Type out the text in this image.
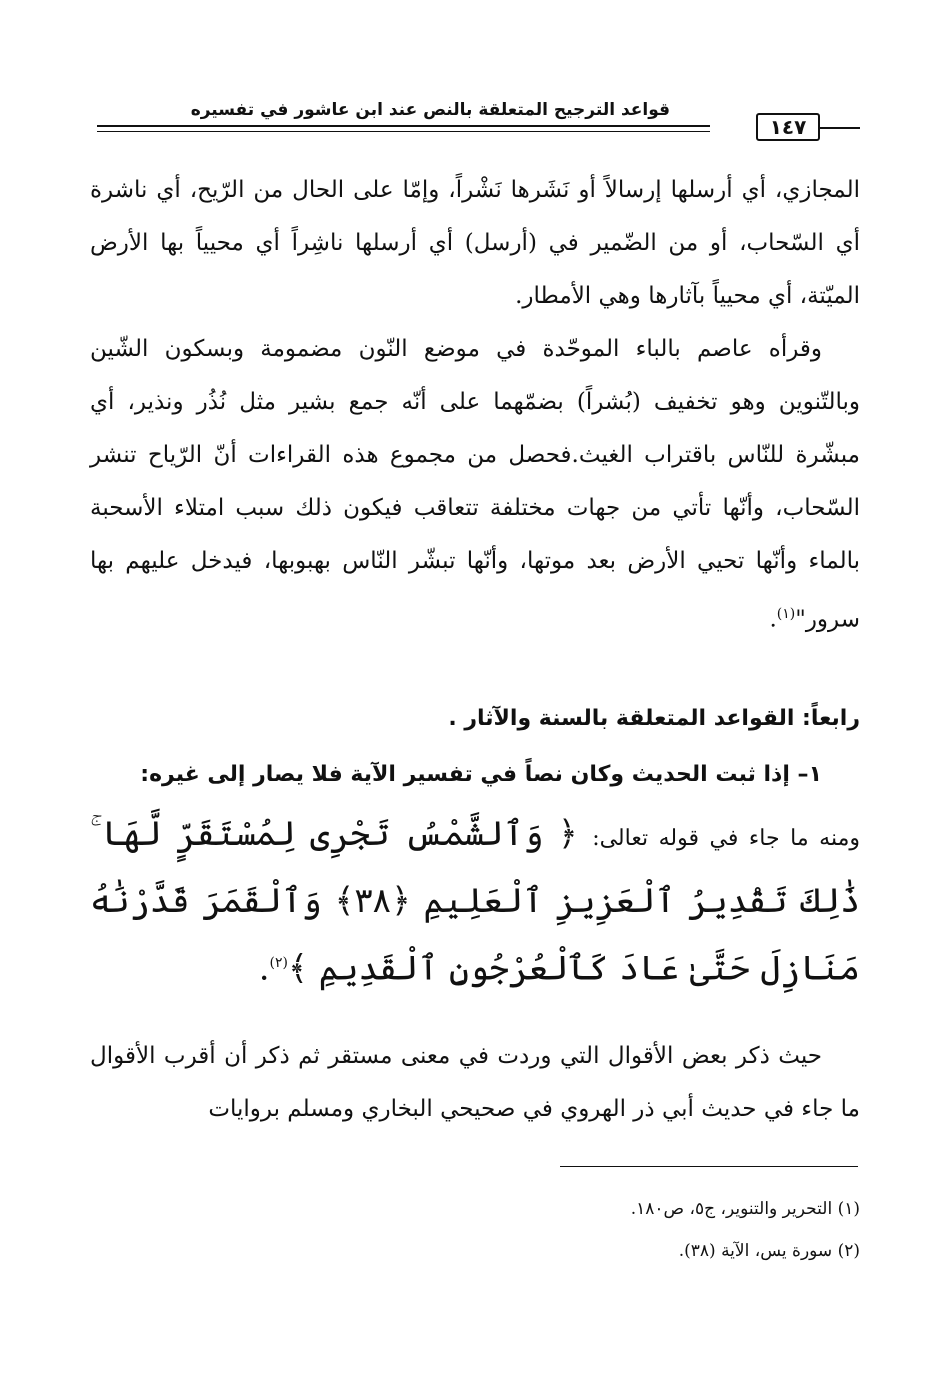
قواعد الترجيح المتعلقة بالنص عند ابن عاشور في تفسيره
١٤٧

المجازي، أي أرسلها إرسالاً أو نَشَرها نَشْراً، وإمّا على الحال من الرّيح، أي ناشرة أي السّحاب، أو من الضّمير في (أرسل) أي أرسلها ناشِراً أي محيياً بها الأرض الميّتة، أي محيياً بآثارها وهي الأمطار.

وقرأه عاصم بالباء الموحّدة في موضع النّون مضمومة وبسكون الشّين وبالتّنوين وهو تخفيف (بُشراً) بضمّهما على أنّه جمع بشير مثل نُذُر ونذير، أي مبشّرة للنّاس باقتراب الغيث.فحصل من مجموع هذه القراءات أنّ الرّياح تنشر السّحاب، وأنّها تأتي من جهات مختلفة تتعاقب فيكون ذلك سبب امتلاء الأسحبة بالماء وأنّها تحيي الأرض بعد موتها، وأنّها تبشّر النّاس بهبوبها، فيدخل عليهم بها سرور"$^{(١)}$.

رابعاً: القواعد المتعلقة بالسنة والآثار .

١– إذا ثبت الحديث وكان نصاً في تفسير الآية فلا يصار إلى غيره:

ومنه ما جاء في قوله تعالى: ﴿ وَٱلشَّمْسُ تَجْرِى لِمُسْتَقَرٍّ لَّهَا ۚ ذَٰلِكَ تَقْدِيرُ ٱلْعَزِيزِ ٱلْعَلِيمِ ﴿٣٨﴾ وَٱلْقَمَرَ قَدَّرْنَٰهُ مَنَازِلَ حَتَّىٰ عَادَ كَٱلْعُرْجُونِ ٱلْقَدِيمِ ﴾$^{(٢)}$.

حيث ذكر بعض الأقوال التي وردت في معنى مستقر ثم ذكر أن أقرب الأقوال ما جاء في حديث أبي ذر الهروي في صحيحي البخاري ومسلم بروايات

(١) التحرير والتنوير، ج٥، ص١٨٠.

(٢) سورة يس، الآية (٣٨).
